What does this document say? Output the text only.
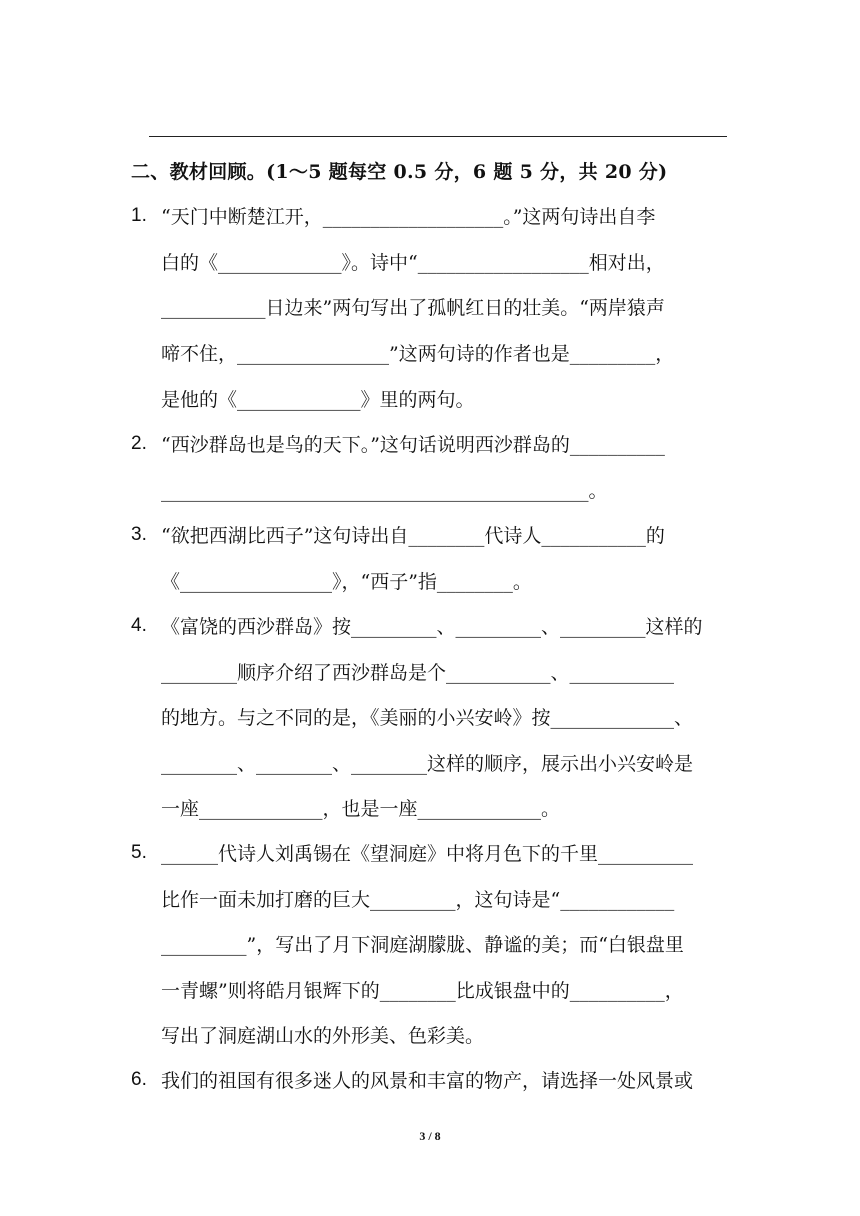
二、教材回顾。(1～5 题每空 0.5 分，6 题 5 分，共 20 分)
1. “天门中断楚江开，___________________。”这两句诗出自李
白的《_____________》。诗中“__________________相对出，
___________日边来”两句写出了孤帆红日的壮美。“两岸猿声
啼不住，________________”这两句诗的作者也是_________，
是他的《_____________》里的两句。
2. “西沙群岛也是鸟的天下。”这句话说明西沙群岛的__________
_____________________________________________。
3. “欲把西湖比西子”这句诗出自________代诗人___________的
《________________》，“西子”指________。
4. 《富饶的西沙群岛》按_________、_________、_________这样的
________顺序介绍了西沙群岛是个___________、___________
的地方。与之不同的是，《美丽的小兴安岭》按_____________、
________、________、________这样的顺序，展示出小兴安岭是
一座_____________，也是一座_____________。
5. ______代诗人刘禹锡在《望洞庭》中将月色下的千里__________
比作一面未加打磨的巨大_________，这句诗是“____________
_________”，写出了月下洞庭湖朦胧、静谧的美；而“白银盘里
一青螺”则将皓月银辉下的________比成银盘中的__________，
写出了洞庭湖山水的外形美、色彩美。
6. 我们的祖国有很多迷人的风景和丰富的物产，请选择一处风景或
3 / 8
